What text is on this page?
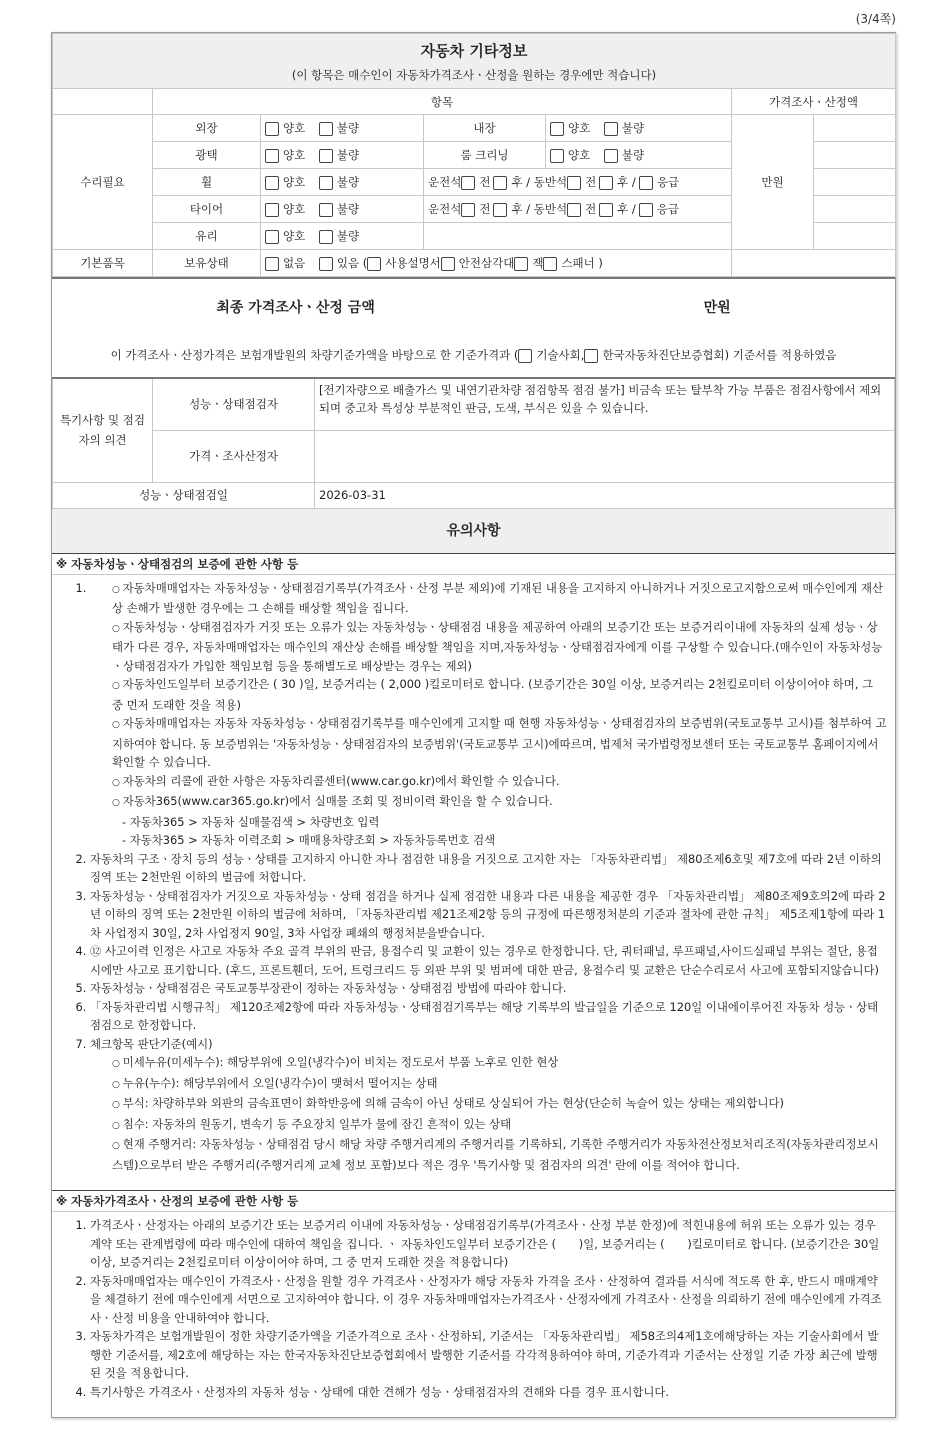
(3/4쪽)
자동차 기타정보
(이 항목은 매수인이 자동차가격조사ㆍ산정을 원하는 경우에만 적습니다)						

	항목				가격조사ㆍ산정액	
수리필요	외장	양호 불량	내장	양호 불량	만원	
	광택	양호 불량	룸 크리닝	양호 불량		
	휠	양호 불량	운전석 전 후 / 동반석 전 후 / 응급			
	타이어	양호 불량	운전석 전 후 / 동반석 전 후 / 응급			
	유리	양호 불량				
기본품목	보유상태	없음 있음 ( 사용설명서 안전삼각대 잭 스패너 )				
최종 가격조사ㆍ산정 금액	만원
이 가격조사ㆍ산정가격은 보험개발원의 차량기준가액을 바탕으로 한 기준가격과 ( 기술사회, 한국자동차진단보증협회) 기준서를 적용하였음
특기사항 및 점검자의 의견	성능ㆍ상태점검자	[전기자량으로 배출가스 및 내연기관차량 점검항목 점검 불가] 비금속 또는 탈부착 가능 부품은 점검사항에서 제외되며 중고차 특성상 부분적인 판금, 도색, 부식은 있을 수 있습니다.
	가격ㆍ조사산정자	
성능ㆍ상태점검일		2026-03-31
유의사항
※ 자동차성능ㆍ상태점검의 보증에 관한 사항 등
○ 1. 자동차매매업자는 자동차성능ㆍ상태점검기록부(가격조사ㆍ산정 부분 제외)에 기재된 내용을 고지하지 아니하거나 거짓으로고지함으로써 매수인에게 재산상 손해가 발생한 경우에는 그 손해를 배상할 책임을 집니다.
○ 자동차성능ㆍ상태점검자가 거짓 또는 오류가 있는 자동차성능ㆍ상태점검 내용을 제공하여 아래의 보증기간 또는 보증거리이내에 자동차의 실제 성능ㆍ상태가 다른 경우, 자동차매매업자는 매수인의 재산상 손해를 배상할 책임을 지며,자동차성능ㆍ상태점검자에게 이를 구상할 수 있습니다.(매수인이 자동차성능ㆍ상태점검자가 가입한 책임보험 등을 통해별도로 배상받는 경우는 제외)
○ 자동차인도일부터 보증기간은 ( 30 )일, 보증거리는 ( 2,000 )킬로미터로 합니다. (보증기간은 30일 이상, 보증거리는 2천킬로미터 이상이어야 하며, 그 중 먼저 도래한 것을 적용)
○ 자동차매매업자는 자동차 자동차성능ㆍ상태점검기록부를 매수인에게 고지할 때 현행 자동차성능ㆍ상태점검자의 보증범위(국토교통부 고시)를 첨부하여 고지하여야 합니다. 동 보증범위는 '자동차성능ㆍ상태점검자의 보증범위'(국토교통부 고시)에따르며, 법제처 국가법령정보센터 또는 국토교통부 홈페이지에서 확인할 수 있습니다.
○ 자동차의 리콜에 관한 사항은 자동차리콜센터(www.car.go.kr)에서 확인할 수 있습니다.
○ 자동차365(www.car365.go.kr)에서 실매물 조회 및 정비이력 확인을 할 수 있습니다.
- 자동차365 > 자동차 실매물검색 > 차량번호 입력
- 자동차365 > 자동차 이력조회 > 매매용차량조회 > 자동차등록번호 검색
2. 자동차의 구조ㆍ장치 등의 성능ㆍ상태를 고지하지 아니한 자나 점검한 내용을 거짓으로 고지한 자는 「자동차관리법」 제80조제6호및 제7호에 따라 2년 이하의 징역 또는 2천만원 이하의 벌금에 처합니다.
3. 자동차성능ㆍ상태점검자가 거짓으로 자동차성능ㆍ상태 점검을 하거나 실제 점검한 내용과 다른 내용을 제공한 경우 「자동차관리법」 제80조제9호의2에 따라 2년 이하의 징역 또는 2천만원 이하의 벌금에 처하며, 「자동차관리법 제21조제2항 등의 규정에 따른행정처분의 기준과 절차에 관한 규칙」 제5조제1항에 따라 1차 사업정지 30일, 2차 사업정지 90일, 3차 사업장 폐쇄의 행정처분을받습니다.
4. ⑫ 사고이력 인정은 사고로 자동차 주요 골격 부위의 판금, 용접수리 및 교환이 있는 경우로 한정합니다. 단, 쿼터패널, 루프패널,사이드실패널 부위는 절단, 용접 시에만 사고로 표기합니다. (후드, 프론트휀더, 도어, 트렁크리드 등 외판 부위 및 범퍼에 대한 판금, 용접수리 및 교환은 단순수리로서 사고에 포함되지않습니다)
5. 자동차성능ㆍ상태점검은 국토교통부장관이 정하는 자동차성능ㆍ상태점검 방법에 따라야 합니다.
6. 「자동차관리법 시행규칙」 제120조제2항에 따라 자동차성능ㆍ상태점검기록부는 해당 기록부의 발급일을 기준으로 120일 이내에이루어진 자동차 성능ㆍ상태점검으로 한정합니다.
7. 체크항목 판단기준(예시)
○ 미세누유(미세누수): 해당부위에 오일(냉각수)이 비치는 정도로서 부품 노후로 인한 현상
○ 누유(누수): 해당부위에서 오일(냉각수)이 맺혀서 떨어지는 상태
○ 부식: 차량하부와 외판의 금속표면이 화학반응에 의해 금속이 아닌 상태로 상실되어 가는 현상(단순히 녹슬어 있는 상태는 제외합니다)
○ 침수: 자동차의 원동기, 변속기 등 주요장치 일부가 물에 잠긴 흔적이 있는 상태
○ 현재 주행거리: 자동차성능ㆍ상태점검 당시 해당 차량 주행거리계의 주행거리를 기록하되, 기록한 주행거리가 자동차전산정보처리조직(자동차관리정보시스템)으로부터 받은 주행거리(주행거리계 교체 정보 포함)보다 적은 경우 '특기사항 및 점검자의 의견' 란에 이를 적어야 합니다.
※ 자동차가격조사ㆍ산정의 보증에 관한 사항 등
1. 가격조사ㆍ산정자는 아래의 보증기간 또는 보증거리 이내에 자동차성능ㆍ상태점검기록부(가격조사ㆍ산정 부분 한정)에 적힌내용에 허위 또는 오류가 있는 경우 계약 또는 관계법령에 따라 매수인에 대하여 책임을 집니다. ㆍ 자동차인도일부터 보증기간은 (　　)일, 보증거리는 (　　)킬로미터로 합니다. (보증기간은 30일 이상, 보증거리는 2천킬로미터 이상이어야 하며, 그 중 먼저 도래한 것을 적용합니다)
2. 자동차매매업자는 매수인이 가격조사ㆍ산정을 원할 경우 가격조사ㆍ산정자가 해당 자동차 가격을 조사ㆍ산정하여 결과를 서식에 적도록 한 후, 반드시 매매계약을 체결하기 전에 매수인에게 서면으로 고지하여야 합니다. 이 경우 자동차매매업자는가격조사ㆍ산정자에게 가격조사ㆍ산정을 의뢰하기 전에 매수인에게 가격조사ㆍ산정 비용을 안내하여야 합니다.
3. 자동차가격은 보험개발원이 정한 차량기준가액을 기준가격으로 조사ㆍ산정하되, 기준서는 「자동차관리법」 제58조의4제1호에해당하는 자는 기술사회에서 발행한 기준서를, 제2호에 해당하는 자는 한국자동차진단보증협회에서 발행한 기준서를 각각적용하여야 하며, 기준가격과 기준서는 산정일 기준 가장 최근에 발행된 것을 적용합니다.
4. 특기사항은 가격조사ㆍ산정자의 자동차 성능ㆍ상태에 대한 견해가 성능ㆍ상태점검자의 견해와 다를 경우 표시합니다.
